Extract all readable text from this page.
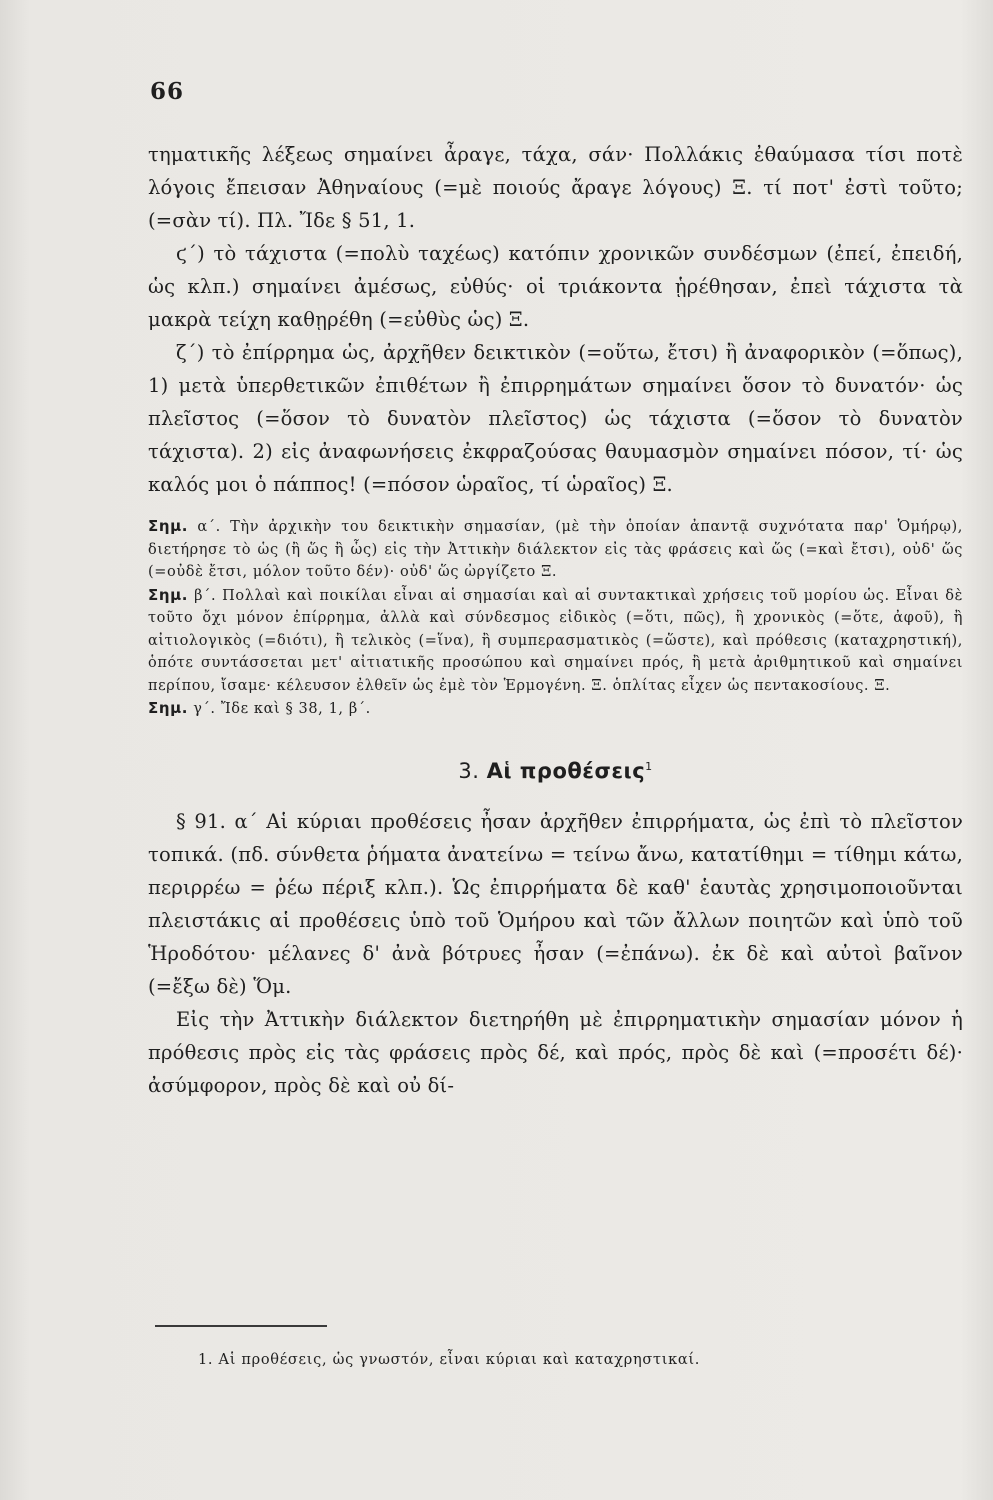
66

τηματικῆς λέξεως σημαίνει ἆραγε, τάχα, σάν· Πολλάκις ἐθαύμασα τίσι ποτὲ λόγοις ἔπεισαν Ἀθηναίους (=μὲ ποιούς ἄραγε λόγους) Ξ. τί ποτ' ἐστὶ τοῦτο; (=σὰν τί). Πλ. Ἴδε § 51, 1.

ϛ΄) τὸ τάχιστα (=πολὺ ταχέως) κατόπιν χρονικῶν συνδέσμων (ἐπεί, ἐπειδή, ὡς κλπ.) σημαίνει ἀμέσως, εὐθύς· οἱ τριάκοντα ᾑρέθησαν, ἐπεὶ τάχιστα τὰ μακρὰ τείχη καθῃρέθη (=εὐθὺς ὡς) Ξ.

ζ΄) τὸ ἐπίρρημα ὡς, ἀρχῆθεν δεικτικὸν (=οὕτω, ἔτσι) ἢ ἀναφορικὸν (=ὅπως), 1) μετὰ ὑπερθετικῶν ἐπιθέτων ἢ ἐπιρρημάτων σημαίνει ὅσον τὸ δυνατόν· ὡς πλεῖστος (=ὅσον τὸ δυνατὸν πλεῖστος) ὡς τάχιστα (=ὅσον τὸ δυνατὸν τάχιστα). 2) εἰς ἀναφωνήσεις ἐκφραζούσας θαυμασμὸν σημαίνει πόσον, τί· ὡς καλός μοι ὁ πάππος! (=πόσον ὡραῖος, τί ὡραῖος) Ξ.

Σημ. α΄. Τὴν ἀρχικὴν του δεικτικὴν σημασίαν, (μὲ τὴν ὁποίαν ἀπαντᾷ συχνότατα παρ' Ὁμήρῳ), διετήρησε τὸ ὡς (ἢ ὥς ἢ ὧς) εἰς τὴν Ἀττικὴν διάλεκτον εἰς τὰς φράσεις καὶ ὥς (=καὶ ἔτσι), οὐδ' ὥς (=οὐδὲ ἔτσι, μόλον τοῦτο δέν)· οὐδ' ὥς ὠργίζετο Ξ.

Σημ. β΄. Πολλαὶ καὶ ποικίλαι εἶναι αἱ σημασίαι καὶ αἱ συντακτικαὶ χρήσεις τοῦ μορίου ὡς. Εἶναι δὲ τοῦτο ὄχι μόνον ἐπίρρημα, ἀλλὰ καὶ σύνδεσμος εἰδικὸς (=ὅτι, πῶς), ἢ χρονικὸς (=ὅτε, ἀφοῦ), ἢ αἰτιολογικὸς (=διότι), ἢ τελικὸς (=ἵνα), ἢ συμπερασματικὸς (=ὥστε), καὶ πρόθεσις (καταχρηστική), ὁπότε συντάσσεται μετ' αἰτιατικῆς προσώπου καὶ σημαίνει πρός, ἢ μετὰ ἀριθμητικοῦ καὶ σημαίνει περίπου, ἴσαμε· κέλευσον ἐλθεῖν ὡς ἐμὲ τὸν Ἑρμογένη. Ξ. ὁπλίτας εἶχεν ὡς πεντακοσίους. Ξ.

Σημ. γ΄. Ἴδε καὶ § 38, 1, β΄.

3. Αἱ προθέσεις$^1$

§ 91. α΄ Αἱ κύριαι προθέσεις ἦσαν ἀρχῆθεν ἐπιρρήματα, ὡς ἐπὶ τὸ πλεῖστον τοπικά. (πδ. σύνθετα ῥήματα ἀνατείνω = τείνω ἄνω, κατατίθημι = τίθημι κάτω, περιρρέω = ῥέω πέριξ κλπ.). Ὡς ἐπιρρήματα δὲ καθ' ἑαυτὰς χρησιμοποιοῦνται πλειστάκις αἱ προθέσεις ὑπὸ τοῦ Ὁμήρου καὶ τῶν ἄλλων ποιητῶν καὶ ὑπὸ τοῦ Ἡροδότου· μέλανες δ' ἀνὰ βότρυες ἦσαν (=ἐπάνω). ἐκ δὲ καὶ αὐτοὶ βαῖνον (=ἔξω δὲ) Ὅμ.

Εἰς τὴν Ἀττικὴν διάλεκτον διετηρήθη μὲ ἐπιρρηματικὴν σημασίαν μόνον ἡ πρόθεσις πρὸς εἰς τὰς φράσεις πρὸς δέ, καὶ πρός, πρὸς δὲ καὶ (=προσέτι δέ)· ἀσύμφορον, πρὸς δὲ καὶ οὐ δί-

1. Αἱ προθέσεις, ὡς γνωστόν, εἶναι κύριαι καὶ καταχρηστικαί.
